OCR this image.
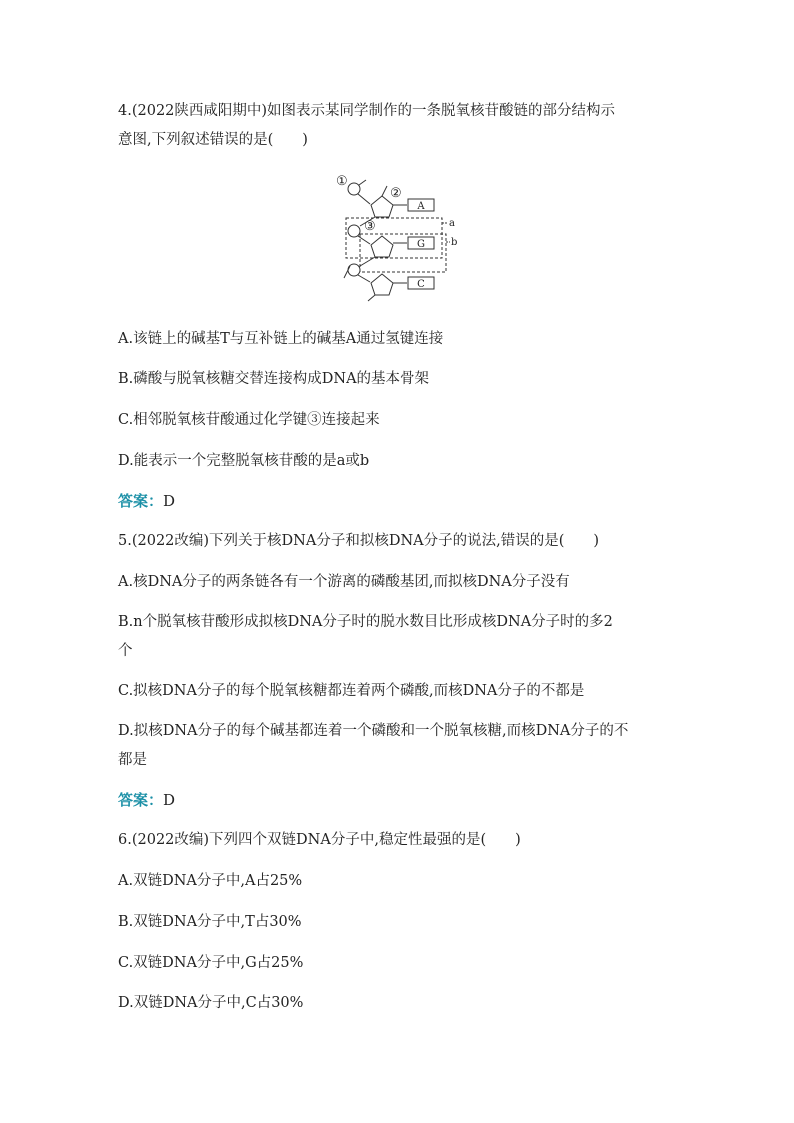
4.(2022陕西咸阳期中)如图表示某同学制作的一条脱氧核苷酸链的部分结构示
意图,下列叙述错误的是(　　)
①
②
③	a
b
A
G
C
A.该链上的碱基T与互补链上的碱基A通过氢键连接
B.磷酸与脱氧核糖交替连接构成DNA的基本骨架
C.相邻脱氧核苷酸通过化学键③连接起来
D.能表示一个完整脱氧核苷酸的是a或b
答案：D
5.(2022改编)下列关于核DNA分子和拟核DNA分子的说法,错误的是(　　)
A.核DNA分子的两条链各有一个游离的磷酸基团,而拟核DNA分子没有
B.n个脱氧核苷酸形成拟核DNA分子时的脱水数目比形成核DNA分子时的多2
个
C.拟核DNA分子的每个脱氧核糖都连着两个磷酸,而核DNA分子的不都是
D.拟核DNA分子的每个碱基都连着一个磷酸和一个脱氧核糖,而核DNA分子的不
都是
答案：D
6.(2022改编)下列四个双链DNA分子中,稳定性最强的是(　　)
A.双链DNA分子中,A占25%
B.双链DNA分子中,T占30%
C.双链DNA分子中,G占25%
D.双链DNA分子中,C占30%
